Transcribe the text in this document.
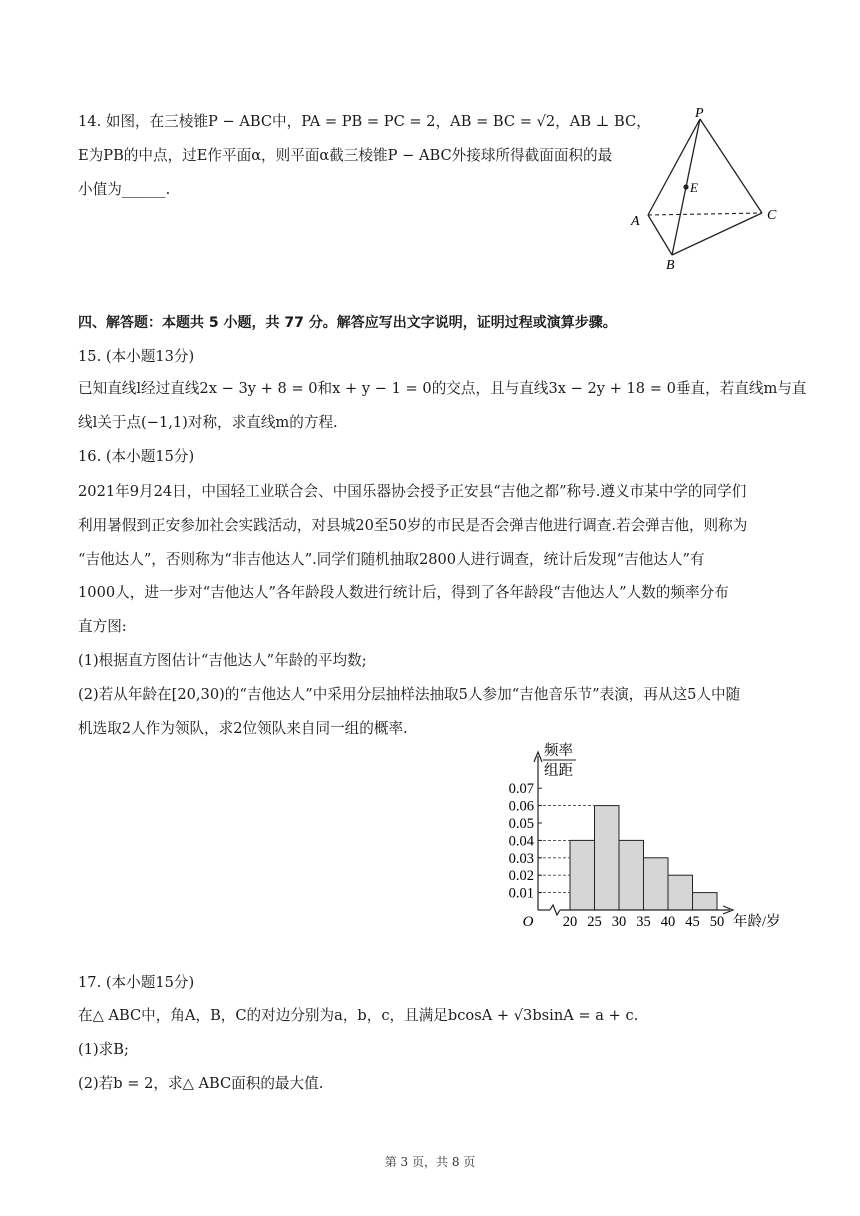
14. 如图，在三棱锥P − ABC中，PA = PB = PC = 2，AB = BC = √2，AB ⊥ BC，
E为PB的中点，过E作平面α，则平面α截三棱锥P − ABC外接球所得截面面积的最
小值为______.
P
E
A	C
B
四、解答题：本题共 5 小题，共 77 分。解答应写出文字说明，证明过程或演算步骤。
15. (本小题13分)
已知直线l经过直线2x − 3y + 8 = 0和x + y − 1 = 0的交点，且与直线3x − 2y + 18 = 0垂直，若直线m与直
线l关于点(−1,1)对称，求直线m的方程.
16. (本小题15分)
2021年9月24日，中国轻工业联合会、中国乐器协会授予正安县“吉他之都”称号.遵义市某中学的同学们
利用暑假到正安参加社会实践活动，对县城20至50岁的市民是否会弹吉他进行调查.若会弹吉他，则称为
“吉他达人”，否则称为“非吉他达人”.同学们随机抽取2800人进行调查，统计后发现“吉他达人”有
1000人，进一步对“吉他达人”各年龄段人数进行统计后，得到了各年龄段“吉他达人”人数的频率分布
直方图:
(1)根据直方图估计“吉他达人”年龄的平均数;
(2)若从年龄在[20,30)的“吉他达人”中采用分层抽样法抽取5人参加“吉他音乐节”表演，再从这5人中随
机选取2人作为领队，求2位领队来自同一组的概率.
0.07
0.06
0.05
0.04
0.03
0.02
0.01
20 25 30 35 40 45 50
O	年龄/岁
频率
组距
17. (本小题15分)
在△ ABC中，角A，B，C的对边分别为a，b，c，且满足bcosA + √3bsinA = a + c.
(1)求B;
(2)若b = 2，求△ ABC面积的最大值.
第 3 页，共 8 页
